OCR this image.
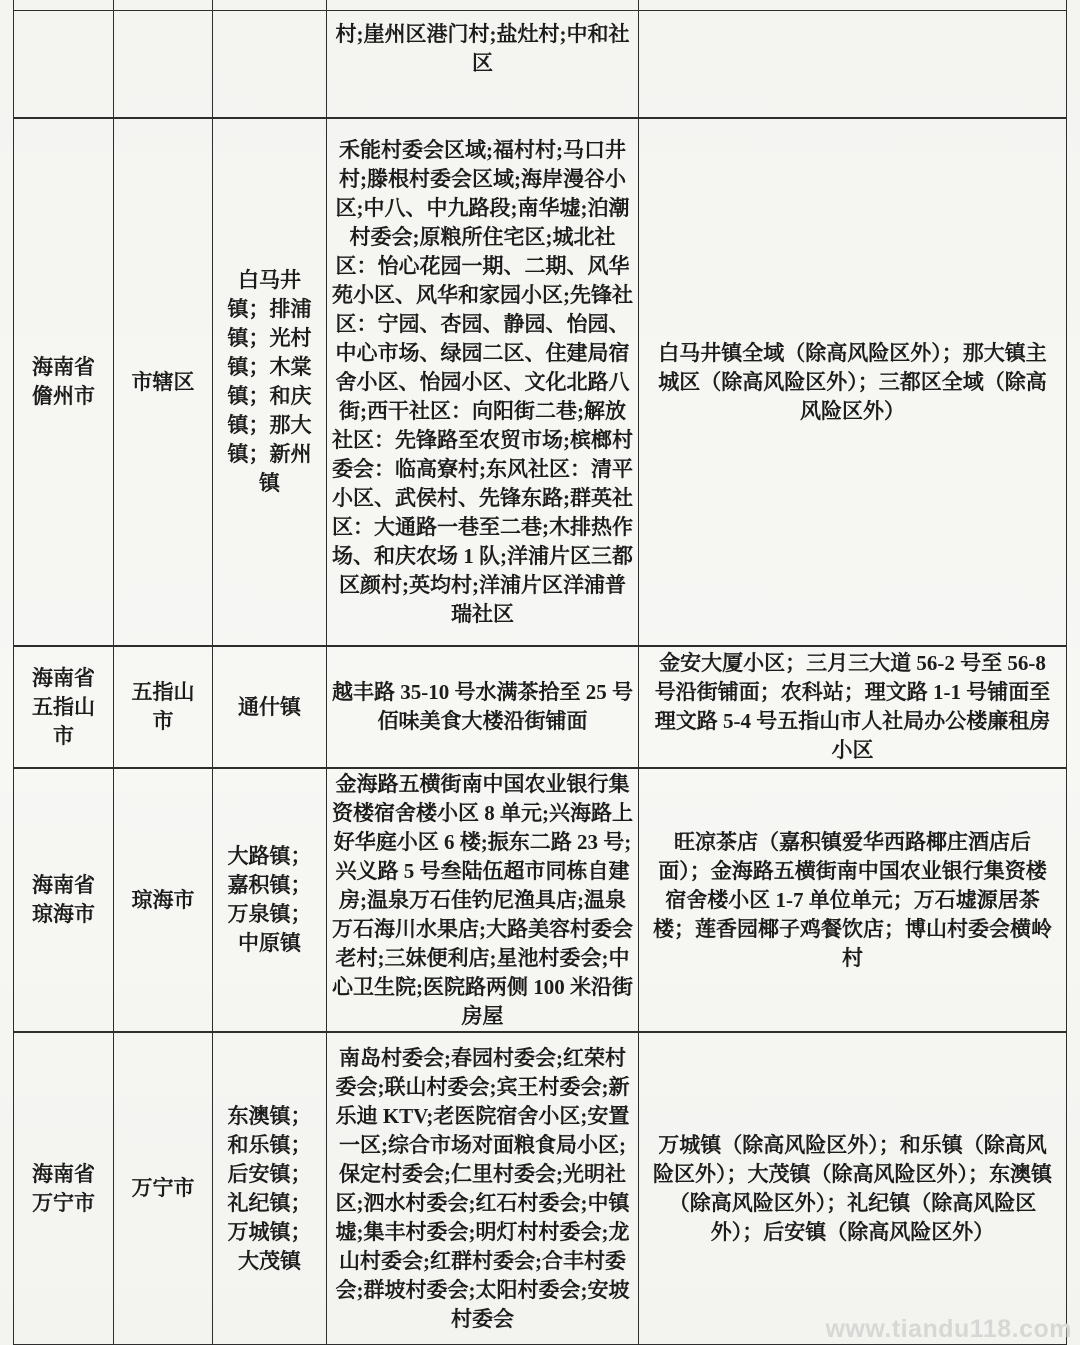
			村;崖州区港门村;盐灶村;中和社区	
海南省儋州市	市辖区	白马井镇；排浦镇；光村镇；木棠镇；和庆镇；那大镇；新州镇	禾能村委会区域;福村村;马口井村;滕根村委会区域;海岸漫谷小区;中八、中九路段;南华墟;泊潮村委会;原粮所住宅区;城北社区：怡心花园一期、二期、风华苑小区、风华和家园小区;先锋社区：宁园、杏园、静园、怡园、中心市场、绿园二区、住建局宿舍小区、怡园小区、文化北路八街;西干社区：向阳街二巷;解放社区：先锋路至农贸市场;槟榔村委会：临高寮村;东风社区：清平小区、武侯村、先锋东路;群英社区：大通路一巷至二巷;木排热作场、和庆农场 1 队;洋浦片区三都区颜村;英均村;洋浦片区洋浦普瑞社区	白马井镇全域（除高风险区外）；那大镇主城区（除高风险区外）；三都区全域（除高风险区外）
海南省五指山市	五指山市	通什镇	越丰路 35-10 号水满茶拾至 25 号佰味美食大楼沿街铺面	金安大厦小区；三月三大道 56-2 号至 56-8 号沿街铺面；农科站；理文路 1-1 号铺面至理文路 5-4 号五指山市人社局办公楼廉租房小区
海南省琼海市	琼海市	大路镇；嘉积镇；万泉镇；中原镇	金海路五横街南中国农业银行集资楼宿舍楼小区 8 单元;兴海路上好华庭小区 6 楼;振东二路 23 号;兴义路 5 号叁陆伍超市同栋自建房;温泉万石佳钓尼渔具店;温泉万石海川水果店;大路美容村委会老村;三妹便利店;星池村委会;中心卫生院;医院路两侧 100 米沿街房屋	旺凉茶店（嘉积镇爱华西路椰庄酒店后面）；金海路五横街南中国农业银行集资楼宿舍楼小区 1-7 单位单元；万石墟源居茶楼；莲香园椰子鸡餐饮店；博山村委会横岭村
海南省万宁市	万宁市	东澳镇；和乐镇；后安镇；礼纪镇；万城镇；大茂镇	南岛村委会;春园村委会;红荣村委会;联山村委会;宾王村委会;新乐迪 KTV;老医院宿舍小区;安置一区;综合市场对面粮食局小区;保定村委会;仁里村委会;光明社区;泗水村委会;红石村委会;中镇墟;集丰村委会;明灯村村委会;龙山村委会;红群村委会;合丰村委会;群坡村委会;太阳村委会;安坡村委会	万城镇（除高风险区外）；和乐镇（除高风险区外）；大茂镇（除高风险区外）；东澳镇（除高风险区外）；礼纪镇（除高风险区外）；后安镇（除高风险区外）
www.tiandu118.com
